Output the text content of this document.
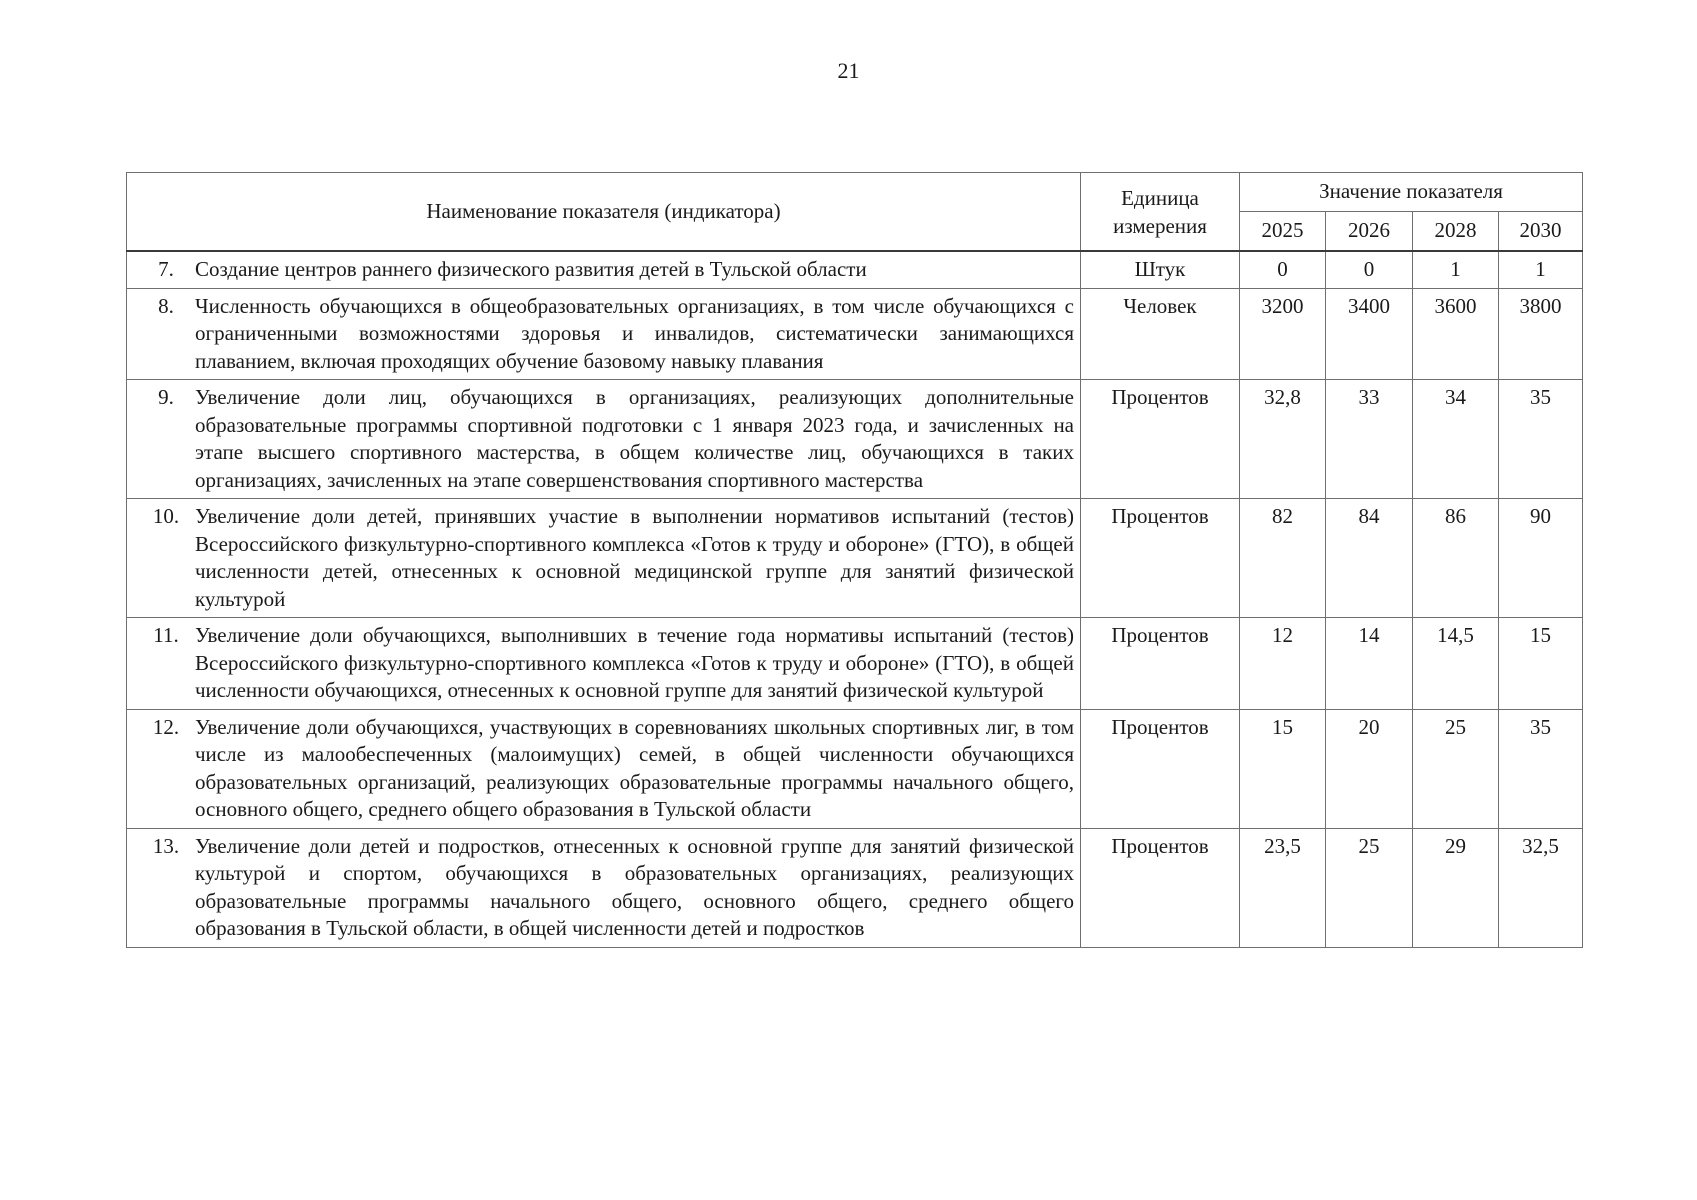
21
Наименование показателя (индикатора)	Единица измерения	Значение показателя			
		2025	2026	2028	2030

7. Создание центров раннего физического развития детей в Тульской области	Штук	0	0	1	1

8. Численность обучающихся в общеобразовательных организациях, в том числе обучающихся с ограниченными возможностями здоровья и инвалидов, систематически занимающихся плаванием, включая проходящих обучение базовому навыку плавания	Человек	3200	3400	3600	3800

9. Увеличение доли лиц, обучающихся в организациях, реализующих дополнительные образовательные программы спортивной подготовки с 1 января 2023 года, и зачисленных на этапе высшего спортивного мастерства, в общем количестве лиц, обучающихся в таких организациях, зачисленных на этапе совершенствования спортивного мастерства	Процентов	32,8	33	34	35

10. Увеличение доли детей, принявших участие в выполнении нормативов испытаний (тестов) Всероссийского физкультурно-спортивного комплекса «Готов к труду и обороне» (ГТО), в общей численности детей, отнесенных к основной медицинской группе для занятий физической культурой	Процентов	82	84	86	90

11. Увеличение доли обучающихся, выполнивших в течение года нормативы испытаний (тестов) Всероссийского физкультурно-спортивного комплекса «Готов к труду и обороне» (ГТО), в общей численности обучающихся, отнесенных к основной группе для занятий физической культурой	Процентов	12	14	14,5	15

12. Увеличение доли обучающихся, участвующих в соревнованиях школьных спортивных лиг, в том числе из малообеспеченных (малоимущих) семей, в общей численности обучающихся образовательных организаций, реализующих образовательные программы начального общего, основного общего, среднего общего образования в Тульской области	Процентов	15	20	25	35

13. Увеличение доли детей и подростков, отнесенных к основной группе для занятий физической культурой и спортом, обучающихся в образовательных организациях, реализующих образовательные программы начального общего, основного общего, среднего общего образования в Тульской области, в общей численности детей и подростков	Процентов	23,5	25	29	32,5
